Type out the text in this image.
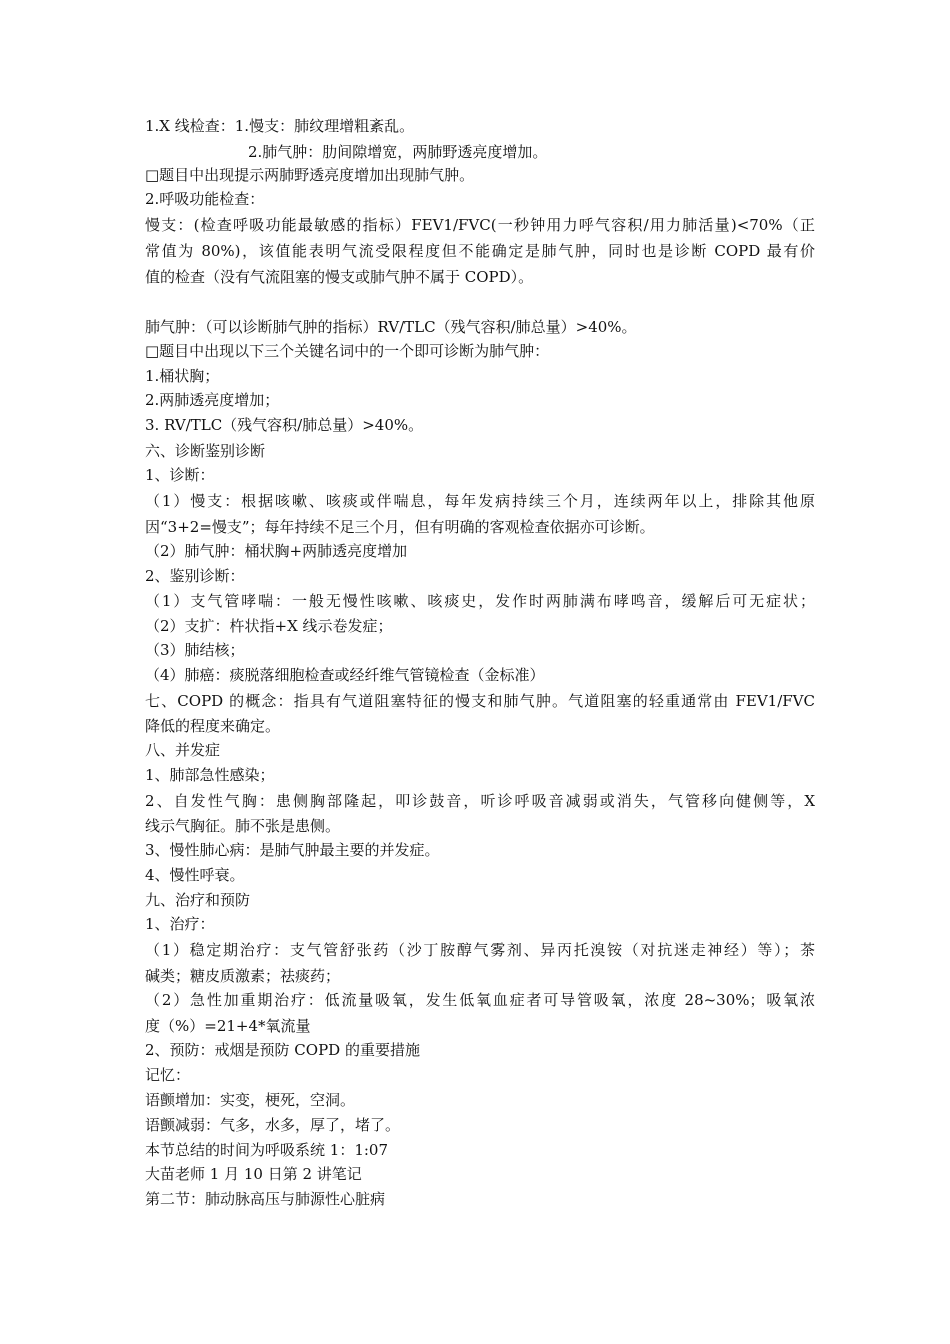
1.X 线检查：1.慢支：肺纹理增粗紊乱。
2.肺气肿：肋间隙增宽，两肺野透亮度增加。
□题目中出现提示两肺野透亮度增加出现肺气肿。
2.呼吸功能检查：
慢支：(检查呼吸功能最敏感的指标）FEV1/FVC(一秒钟用力呼气容积/用力肺活量)<70%（正
常值为 80%)，该值能表明气流受限程度但不能确定是肺气肿，同时也是诊断 COPD 最有价
值的检查（没有气流阻塞的慢支或肺气肿不属于 COPD）。
肺气肿：（可以诊断肺气肿的指标）RV/TLC（残气容积/肺总量）>40%。
□题目中出现以下三个关键名词中的一个即可诊断为肺气肿：
1.桶状胸；
2.两肺透亮度增加；
3. RV/TLC（残气容积/肺总量）>40%。
六、诊断鉴别诊断
1、诊断：
（1）慢支：根据咳嗽、咳痰或伴喘息，每年发病持续三个月，连续两年以上，排除其他原
因“3+2=慢支”；每年持续不足三个月，但有明确的客观检查依据亦可诊断。
（2）肺气肿：桶状胸+两肺透亮度增加
2、鉴别诊断：
（1）支气管哮喘：一般无慢性咳嗽、咳痰史，发作时两肺满布哮鸣音，缓解后可无症状；
（2）支扩：杵状指+X 线示卷发症；
（3）肺结核；
（4）肺癌：痰脱落细胞检查或经纤维气管镜检查（金标准）
七、COPD 的概念：指具有气道阻塞特征的慢支和肺气肿。气道阻塞的轻重通常由 FEV1/FVC
降低的程度来确定。
八、并发症
1、肺部急性感染；
2、自发性气胸：患侧胸部隆起，叩诊鼓音，听诊呼吸音减弱或消失，气管移向健侧等，X
线示气胸征。肺不张是患侧。
3、慢性肺心病：是肺气肿最主要的并发症。
4、慢性呼衰。
九、治疗和预防
1、治疗：
（1）稳定期治疗：支气管舒张药（沙丁胺醇气雾剂、异丙托溴铵（对抗迷走神经）等）；茶
碱类；糖皮质激素；祛痰药；
（2）急性加重期治疗：低流量吸氧，发生低氧血症者可导管吸氧，浓度 28~30%；吸氧浓
度（%）=21+4*氧流量
2、预防：戒烟是预防 COPD 的重要措施
记忆：
语颤增加：实变，梗死，空洞。
语颤减弱：气多，水多，厚了，堵了。
本节总结的时间为呼吸系统 1：1:07
大苗老师 1 月 10 日第 2 讲笔记
第二节：肺动脉高压与肺源性心脏病
